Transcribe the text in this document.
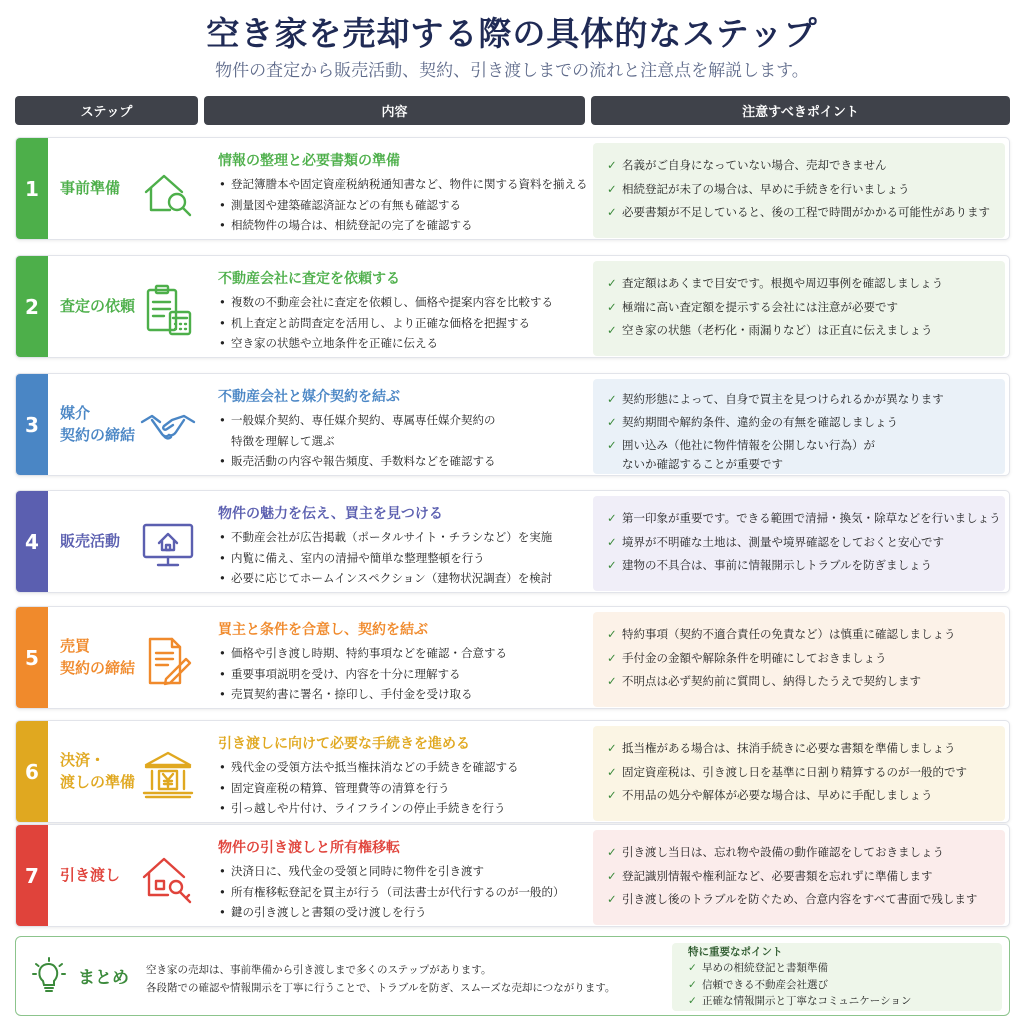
空き家を売却する際の具体的なステップ
物件の査定から販売活動、契約、引き渡しまでの流れと注意点を解説します。
ステップ	内容	注意すべきポイント
1	事前準備
情報の整理と必要書類の準備
• 登記簿謄本や固定資産税納税通知書など、物件に関する資料を揃える
• 測量図や建築確認済証などの有無も確認する
• 相続物件の場合は、相続登記の完了を確認する
✓ 名義がご自身になっていない場合、売却できません
✓ 相続登記が未了の場合は、早めに手続きを行いましょう
✓ 必要書類が不足していると、後の工程で時間がかかる可能性があります
2	査定の依頼
不動産会社に査定を依頼する
• 複数の不動産会社に査定を依頼し、価格や提案内容を比較する
• 机上査定と訪問査定を活用し、より正確な価格を把握する
• 空き家の状態や立地条件を正確に伝える
✓ 査定額はあくまで目安です。根拠や周辺事例を確認しましょう
✓ 極端に高い査定額を提示する会社には注意が必要です
✓ 空き家の状態（老朽化・雨漏りなど）は正直に伝えましょう
3	媒介
契約の締結
不動産会社と媒介契約を結ぶ
• 一般媒介契約、専任媒介契約、専属専任媒介契約の
特徴を理解して選ぶ
• 販売活動の内容や報告頻度、手数料などを確認する
✓ 契約形態によって、自身で買主を見つけられるかが異なります
✓ 契約期間や解約条件、違約金の有無を確認しましょう
✓ 囲い込み（他社に物件情報を公開しない行為）が
ないか確認することが重要です
4	販売活動
物件の魅力を伝え、買主を見つける
• 不動産会社が広告掲載（ポータルサイト・チラシなど）を実施
• 内覧に備え、室内の清掃や簡単な整理整頓を行う
• 必要に応じてホームインスペクション（建物状況調査）を検討
✓ 第一印象が重要です。できる範囲で清掃・換気・除草などを行いましょう
✓ 境界が不明確な土地は、測量や境界確認をしておくと安心です
✓ 建物の不具合は、事前に情報開示しトラブルを防ぎましょう
5	売買
契約の締結
買主と条件を合意し、契約を結ぶ
• 価格や引き渡し時期、特約事項などを確認・合意する
• 重要事項説明を受け、内容を十分に理解する
• 売買契約書に署名・捺印し、手付金を受け取る
✓ 特約事項（契約不適合責任の免責など）は慎重に確認しましょう
✓ 手付金の金額や解除条件を明確にしておきましょう
✓ 不明点は必ず契約前に質問し、納得したうえで契約します
6	決済・
渡しの準備
引き渡しに向けて必要な手続きを進める
• 残代金の受領方法や抵当権抹消などの手続きを確認する
• 固定資産税の精算、管理費等の清算を行う
• 引っ越しや片付け、ライフラインの停止手続きを行う
✓ 抵当権がある場合は、抹消手続きに必要な書類を準備しましょう
✓ 固定資産税は、引き渡し日を基準に日割り精算するのが一般的です
✓ 不用品の処分や解体が必要な場合は、早めに手配しましょう
7	引き渡し
物件の引き渡しと所有権移転
• 決済日に、残代金の受領と同時に物件を引き渡す
• 所有権移転登記を買主が行う（司法書士が代行するのが一般的）
• 鍵の引き渡しと書類の受け渡しを行う
✓ 引き渡し当日は、忘れ物や設備の動作確認をしておきましょう
✓ 登記識別情報や権利証など、必要書類を忘れずに準備します
✓ 引き渡し後のトラブルを防ぐため、合意内容をすべて書面で残します
まとめ 空き家の売却は、事前準備から引き渡しまで多くのステップがあります。
各段階での確認や情報開示を丁寧に行うことで、トラブルを防ぎ、スムーズな売却につながります。
特に重要なポイント
✓ 早めの相続登記と書類準備
✓ 信頼できる不動産会社選び
✓ 正確な情報開示と丁寧なコミュニケーション
